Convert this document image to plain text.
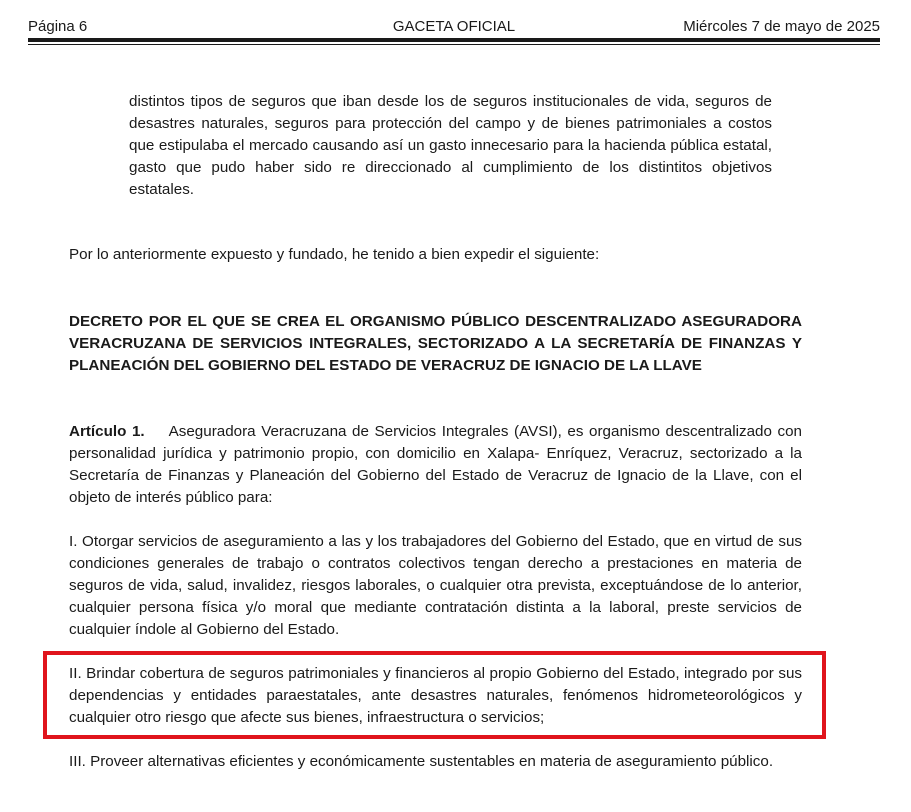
Página 6	GACETA OFICIAL	Miércoles 7 de mayo de 2025

distintos tipos de seguros que iban desde los de seguros institucionales de vida, seguros de desastres naturales, seguros para protección del campo y de bienes patrimoniales a costos que estipulaba el mercado causando así un gasto innecesario para la hacienda pública estatal, gasto que pudo haber sido re direccionado al cumplimiento de los distintitos objetivos estatales.

Por lo anteriormente expuesto y fundado, he tenido a bien expedir el siguiente:

DECRETO POR EL QUE SE CREA EL ORGANISMO PÚBLICO DESCENTRALIZADO ASEGURADORA VERACRUZANA DE SERVICIOS INTEGRALES, SECTORIZADO A LA SECRETARÍA DE FINANZAS Y PLANEACIÓN DEL GOBIERNO DEL ESTADO DE VERACRUZ DE IGNACIO DE LA LLAVE

Artículo 1. Aseguradora Veracruzana de Servicios Integrales (AVSI), es organismo descentralizado con personalidad jurídica y patrimonio propio, con domicilio en Xalapa- Enríquez, Veracruz, sectorizado a la Secretaría de Finanzas y Planeación del Gobierno del Estado de Veracruz de Ignacio de la Llave, con el objeto de interés público para:

I. Otorgar servicios de aseguramiento a las y los trabajadores del Gobierno del Estado, que en virtud de sus condiciones generales de trabajo o contratos colectivos tengan derecho a prestaciones en materia de seguros de vida, salud, invalidez, riesgos laborales, o cualquier otra prevista, exceptuándose de lo anterior, cualquier persona física y/o moral que mediante contratación distinta a la laboral, preste servicios de cualquier índole al Gobierno del Estado.

II. Brindar cobertura de seguros patrimoniales y financieros al propio Gobierno del Estado, integrado por sus dependencias y entidades paraestatales, ante desastres naturales, fenómenos hidrometeorológicos y cualquier otro riesgo que afecte sus bienes, infraestructura o servicios;

III. Proveer alternativas eficientes y económicamente sustentables en materia de aseguramiento público.
